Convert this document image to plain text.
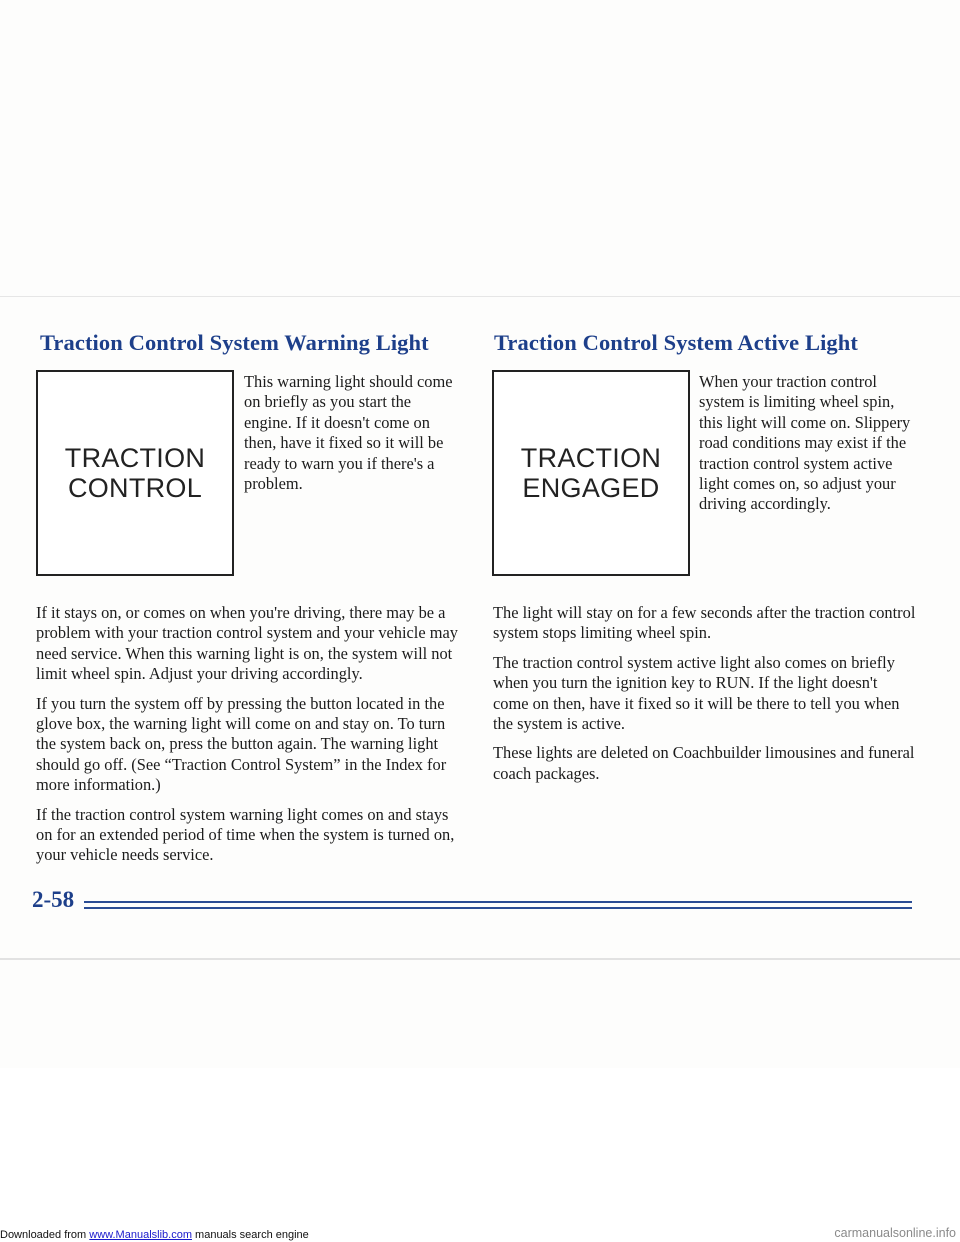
Traction Control System Warning Light
TRACTION
CONTROL

This warning light should come on briefly as you start the engine. If it doesn't come on then, have it fixed so it will be ready to warn you if there's a problem.

If it stays on, or comes on when you're driving, there may be a problem with your traction control system and your vehicle may need service. When this warning light is on, the system will not limit wheel spin. Adjust your driving accordingly.

If you turn the system off by pressing the button located in the glove box, the warning light will come on and stay on. To turn the system back on, press the button again. The warning light should go off. (See “Traction Control System” in the Index for more information.)

If the traction control system warning light comes on and stays on for an extended period of time when the system is turned on, your vehicle needs service.

Traction Control System Active Light
TRACTION
ENGAGED

When your traction control system is limiting wheel spin, this light will come on. Slippery road conditions may exist if the traction control system active light comes on, so adjust your driving accordingly.

The light will stay on for a few seconds after the traction control system stops limiting wheel spin.

The traction control system active light also comes on briefly when you turn the ignition key to RUN. If the light doesn't come on then, have it fixed so it will be there to tell you when the system is active.

These lights are deleted on Coachbuilder limousines and funeral coach packages.

2-58
Downloaded from www.Manualslib.com manuals search engine	carmanualsonline.info
